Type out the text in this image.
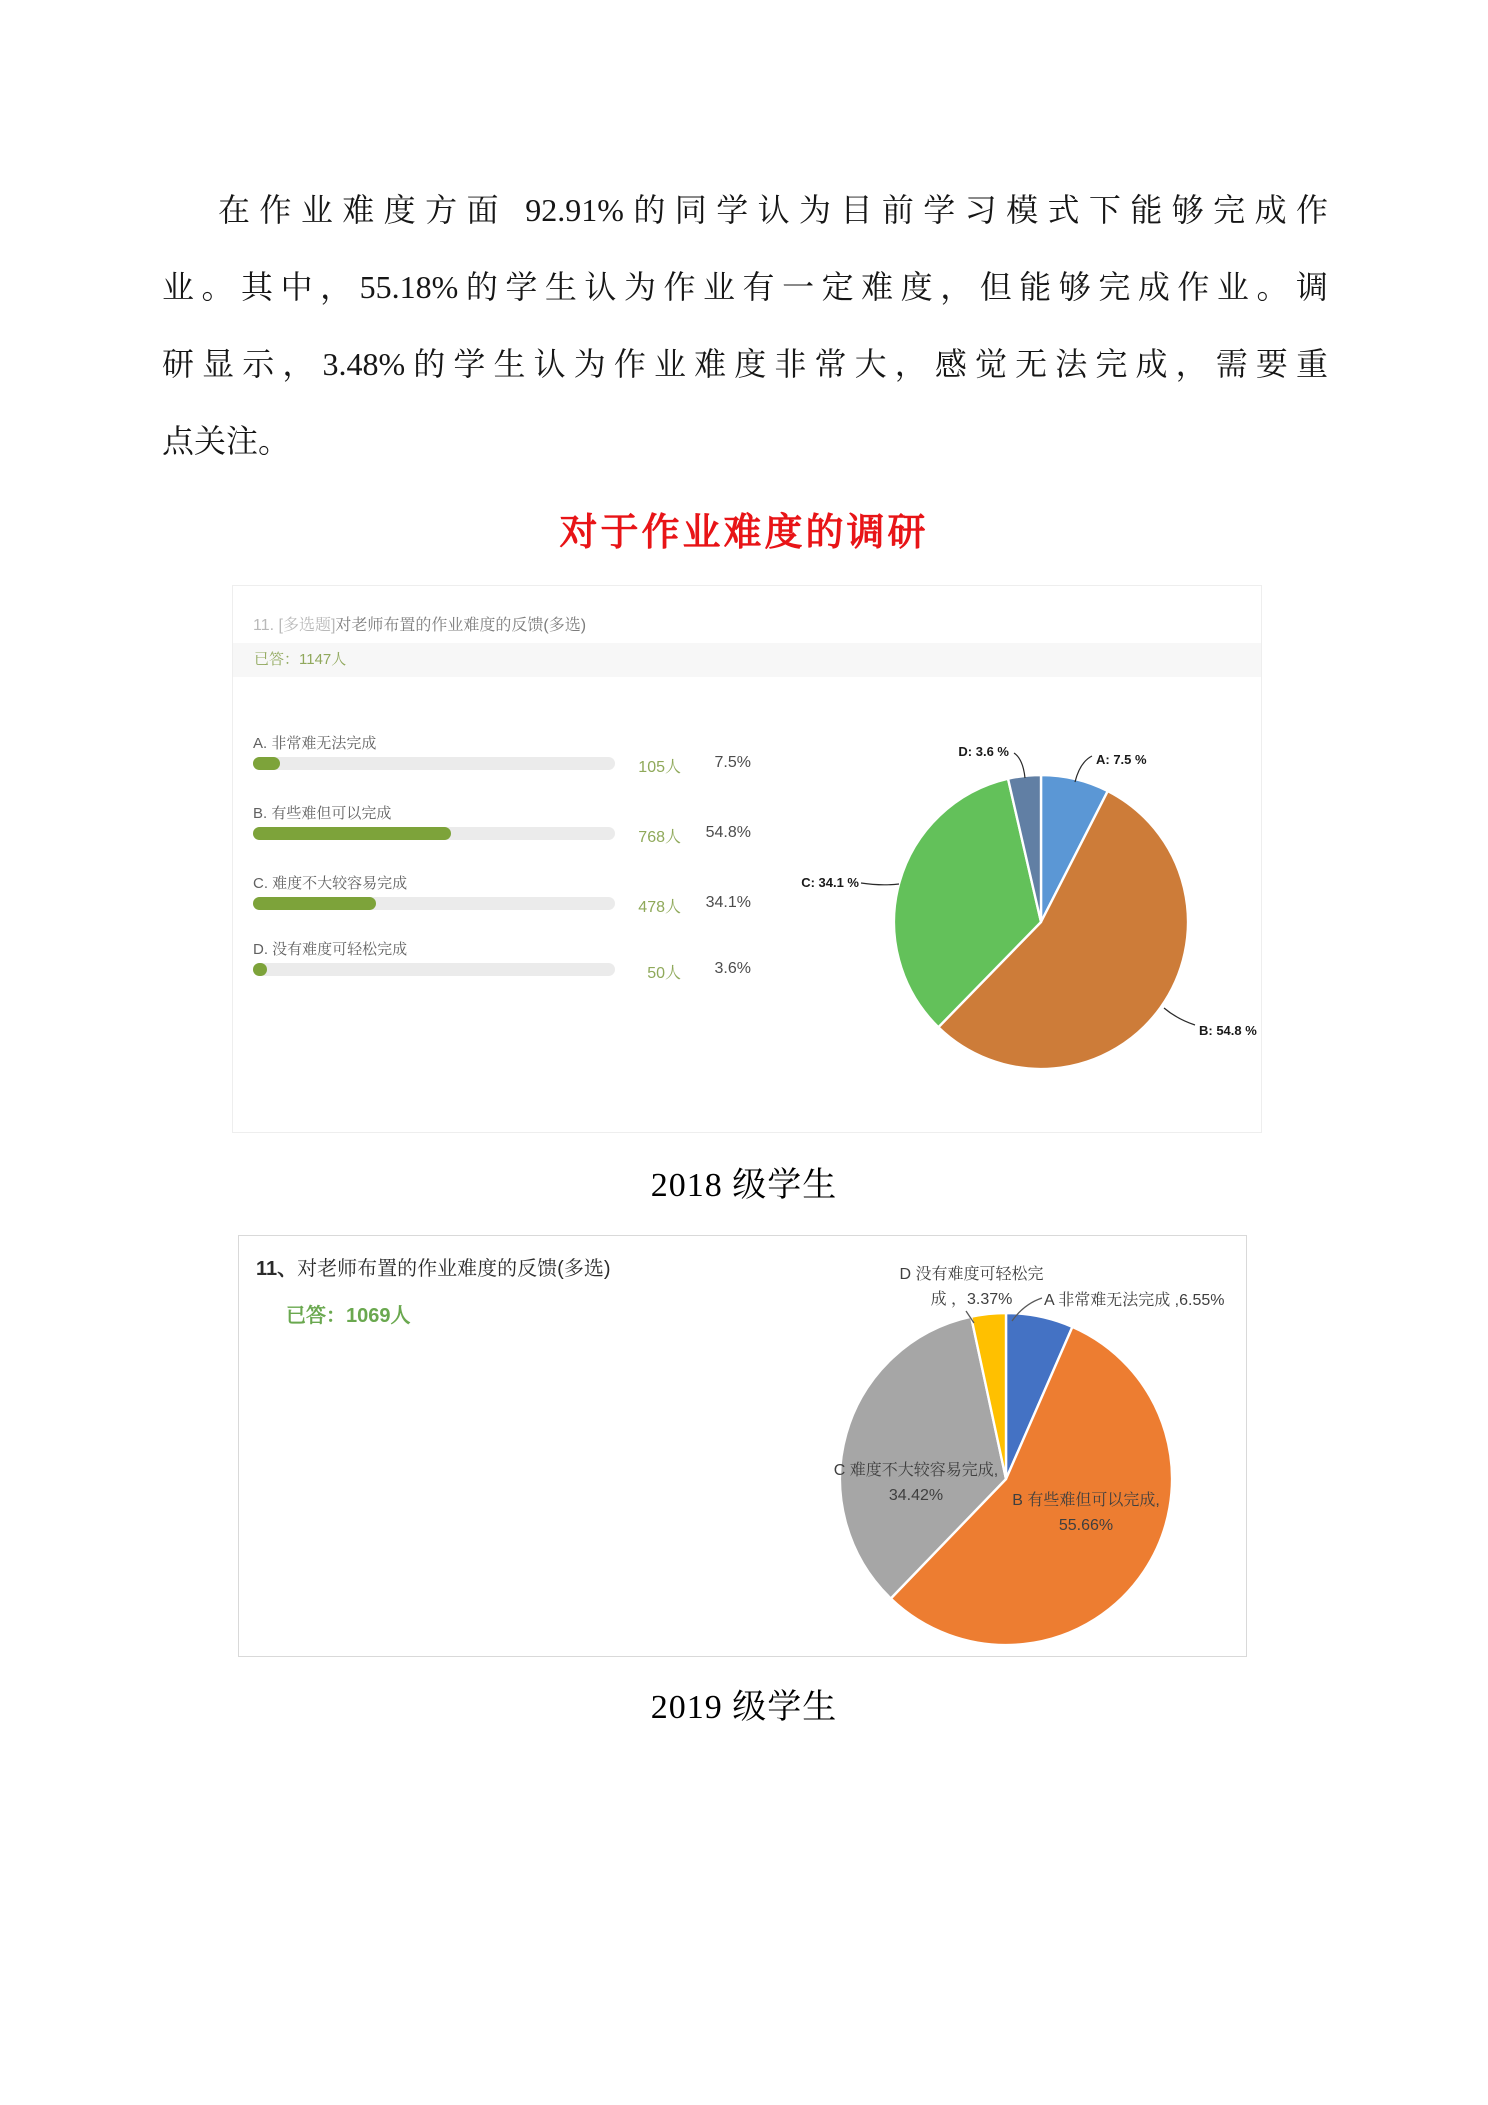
在作业难度方面 92.91%的同学认为目前学习模式下能够完成作
业。其中，55.18%的学生认为作业有一定难度，但能够完成作业。调
研显示，3.48%的学生认为作业难度非常大，感觉无法完成，需要重
点关注。
对于作业难度的调研
11. [多选题]对老师布置的作业难度的反馈(多选)
已答：1147人
A. 非常难无法完成
105人	7.5%
B. 有些难但可以完成
768人	54.8%
C. 难度不大较容易完成
478人	34.1%
D. 没有难度可轻松完成
50人	3.6%
D: 3.6 %
A: 7.5 %
C: 34.1 %
B: 54.8 %
2018 级学生
11、对老师布置的作业难度的反馈(多选)
已答：1069人
D 没有难度可轻松完
成 ，3.37%	A 非常难无法完成 ,6.55%
C 难度不大较容易完成,
34.42%	B 有些难但可以完成,
55.66%
2019 级学生
